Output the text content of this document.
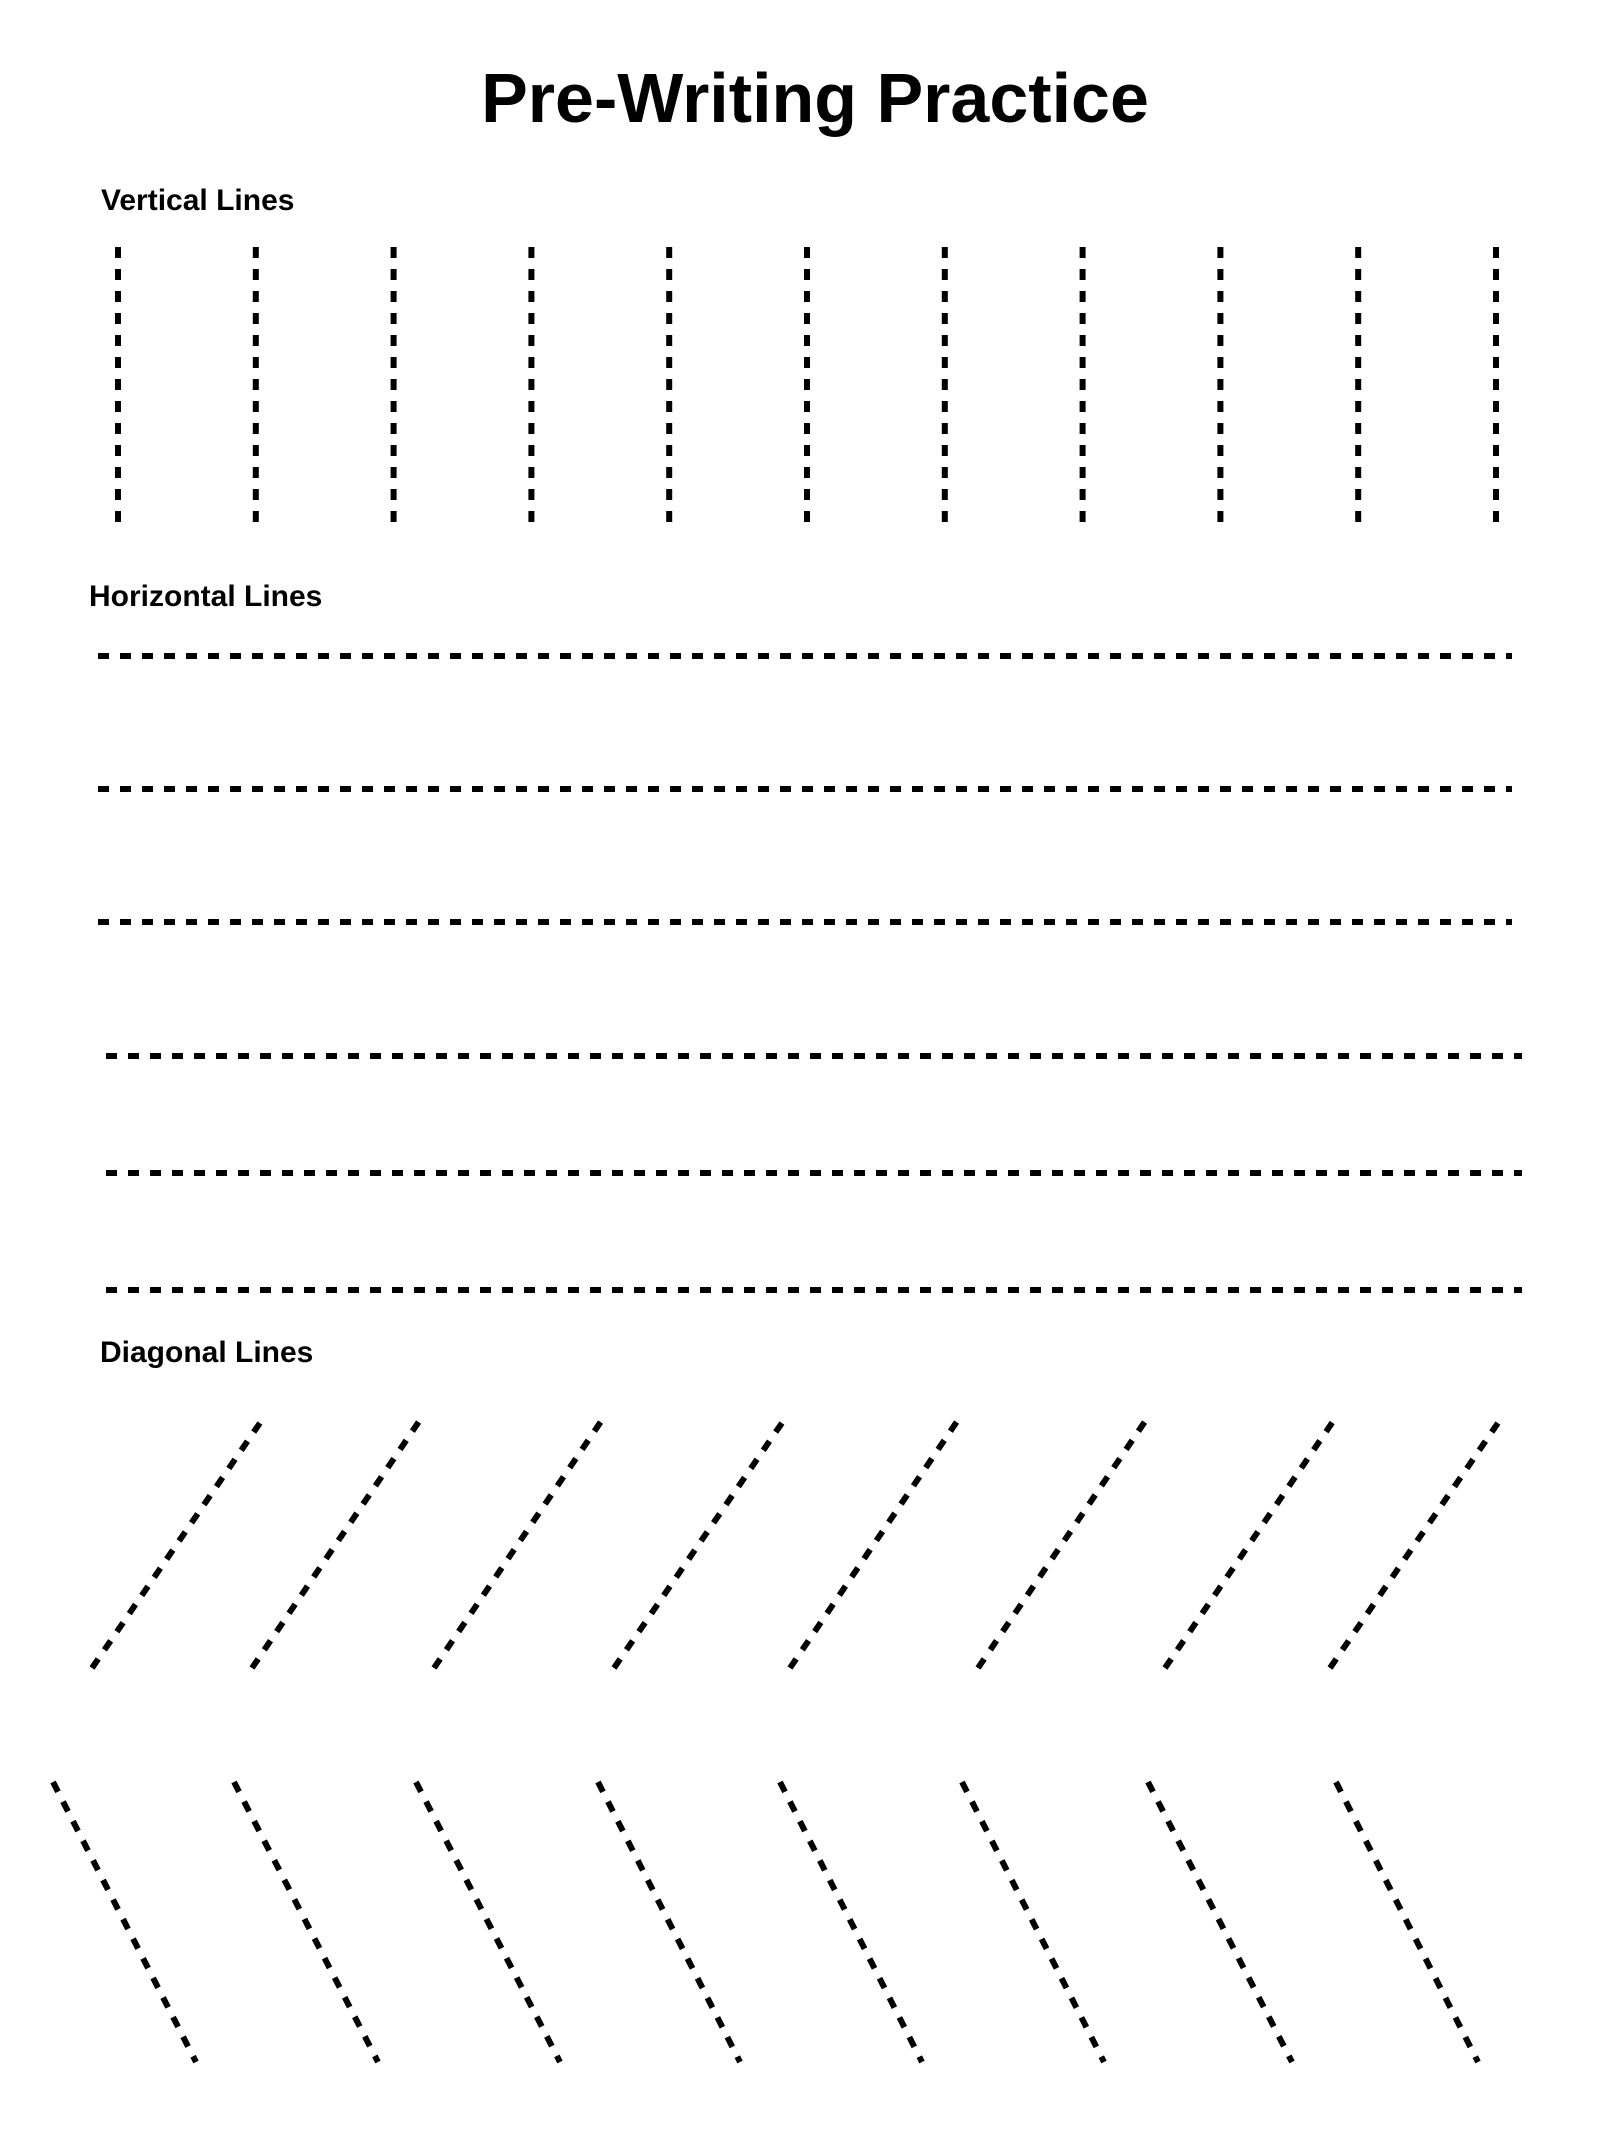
Pre-Writing Practice
Vertical Lines
Horizontal Lines
Diagonal Lines
